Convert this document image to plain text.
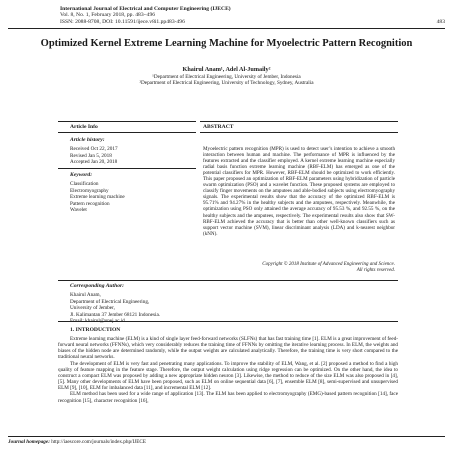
International Journal of Electrical and Computer Engineering (IJECE)
Vol. 8, No. 1, February 2018, pp. 483~496
ISSN: 2088-8708, DOI: 10.11591/ijece.v8i1.pp483-496	483
Optimized Kernel Extreme Learning Machine for Myoelectric Pattern Recognition
Khairul Anam¹, Adel Al-Jumaily²
¹Department of Electrical Engineering, University of Jember, Indonesia
²Department of Electrical Engineering, University of Technology, Sydney, Australia
Article Info	ABSTRACT
Article history:
Received Oct 22, 2017
Revised Jan 5, 2018
Accepted Jan 20, 2018
Keyword:
Classification
Electromyography
Extreme learning machine
Pattern recognition
Wavelet
Myoelectric pattern recognition (MPR) is used to detect user’s intention to achieve a smooth interaction between human and machine. The performance of MPR is influenced by the features extracted and the classifier employed. A kernel extreme learning machine especially radial basis function extreme learning machine (RBF-ELM) has emerged as one of the potential classifiers for MPR. However, RBF-ELM should be optimized to work efficiently. This paper proposed an optimization of RBF-ELM parameters using hybridization of particle swarm optimization (PSO) and a wavelet function. These proposed systems are employed to classify finger movements on the amputees and able-bodied subjects using electromyography signals. The experimental results show that the accuracy of the optimized RBF-ELM is 95.71% and 94.27% in the healthy subjects and the amputees, respectively. Meanwhile, the optimization using PSO only attained the average accuracy of 95.53 %, and 92.55 %, on the healthy subjects and the amputees, respectively. The experimental results also show that SW-RBF-ELM achieved the accuracy that is better than other well-known classifiers such as support vector machine (SVM), linear discriminant analysis (LDA) and k-nearest neighbor (kNN).
Copyright © 2018 Institute of Advanced Engineering and Science.
All rights reserved.
Corresponding Author:
Khairul Anam,
Department of Electrical Engineering,
University of Jember,
Jl. Kalimantan 37 Jember 68121 Indonesia.
Email: khairul@unej.ac.id
1. INTRODUCTION

Extreme learning machine (ELM) is a kind of single layer feed-forward networks (SLFNs) that has fast training time [1]. ELM is a great improvement of feed-forward neural networks (FFNNs), which very considerably reduces the training time of FFNNs by omitting the iterative learning process. In ELM, the weights and biases of the hidden node are determined randomly, while the output weights are calculated analytically. Therefore, the training time is very short compared to the traditional neural networks.

The development of ELM is very fast and penetrating many applications. To improve the stability of ELM, Wang, et al. [2] proposed a method to find a high quality of feature mapping in the feature stage. Therefore, the output weight calculation using ridge regression can be optimized. On the other hand, the idea to construct a compact ELM was proposed by adding a new appropriate hidden neuron [3]. Likewise, the method to reduce of the size ELM was also proposed in [4], [5]. Many other developments of ELM have been proposed, such as ELM on online sequential data [6], [7], ensemble ELM [8], semi-supervised and unsupervised ELM [9], [10], ELM for imbalanced data [11], and incremental ELM [12].

ELM method has been used for a wide range of application [13]. The ELM has been applied to electromyography (EMG)-based pattern recognition [14], face recognition [15], character recognition [16],

Journal homepage: http://iaescore.com/journals/index.php/IJECE
